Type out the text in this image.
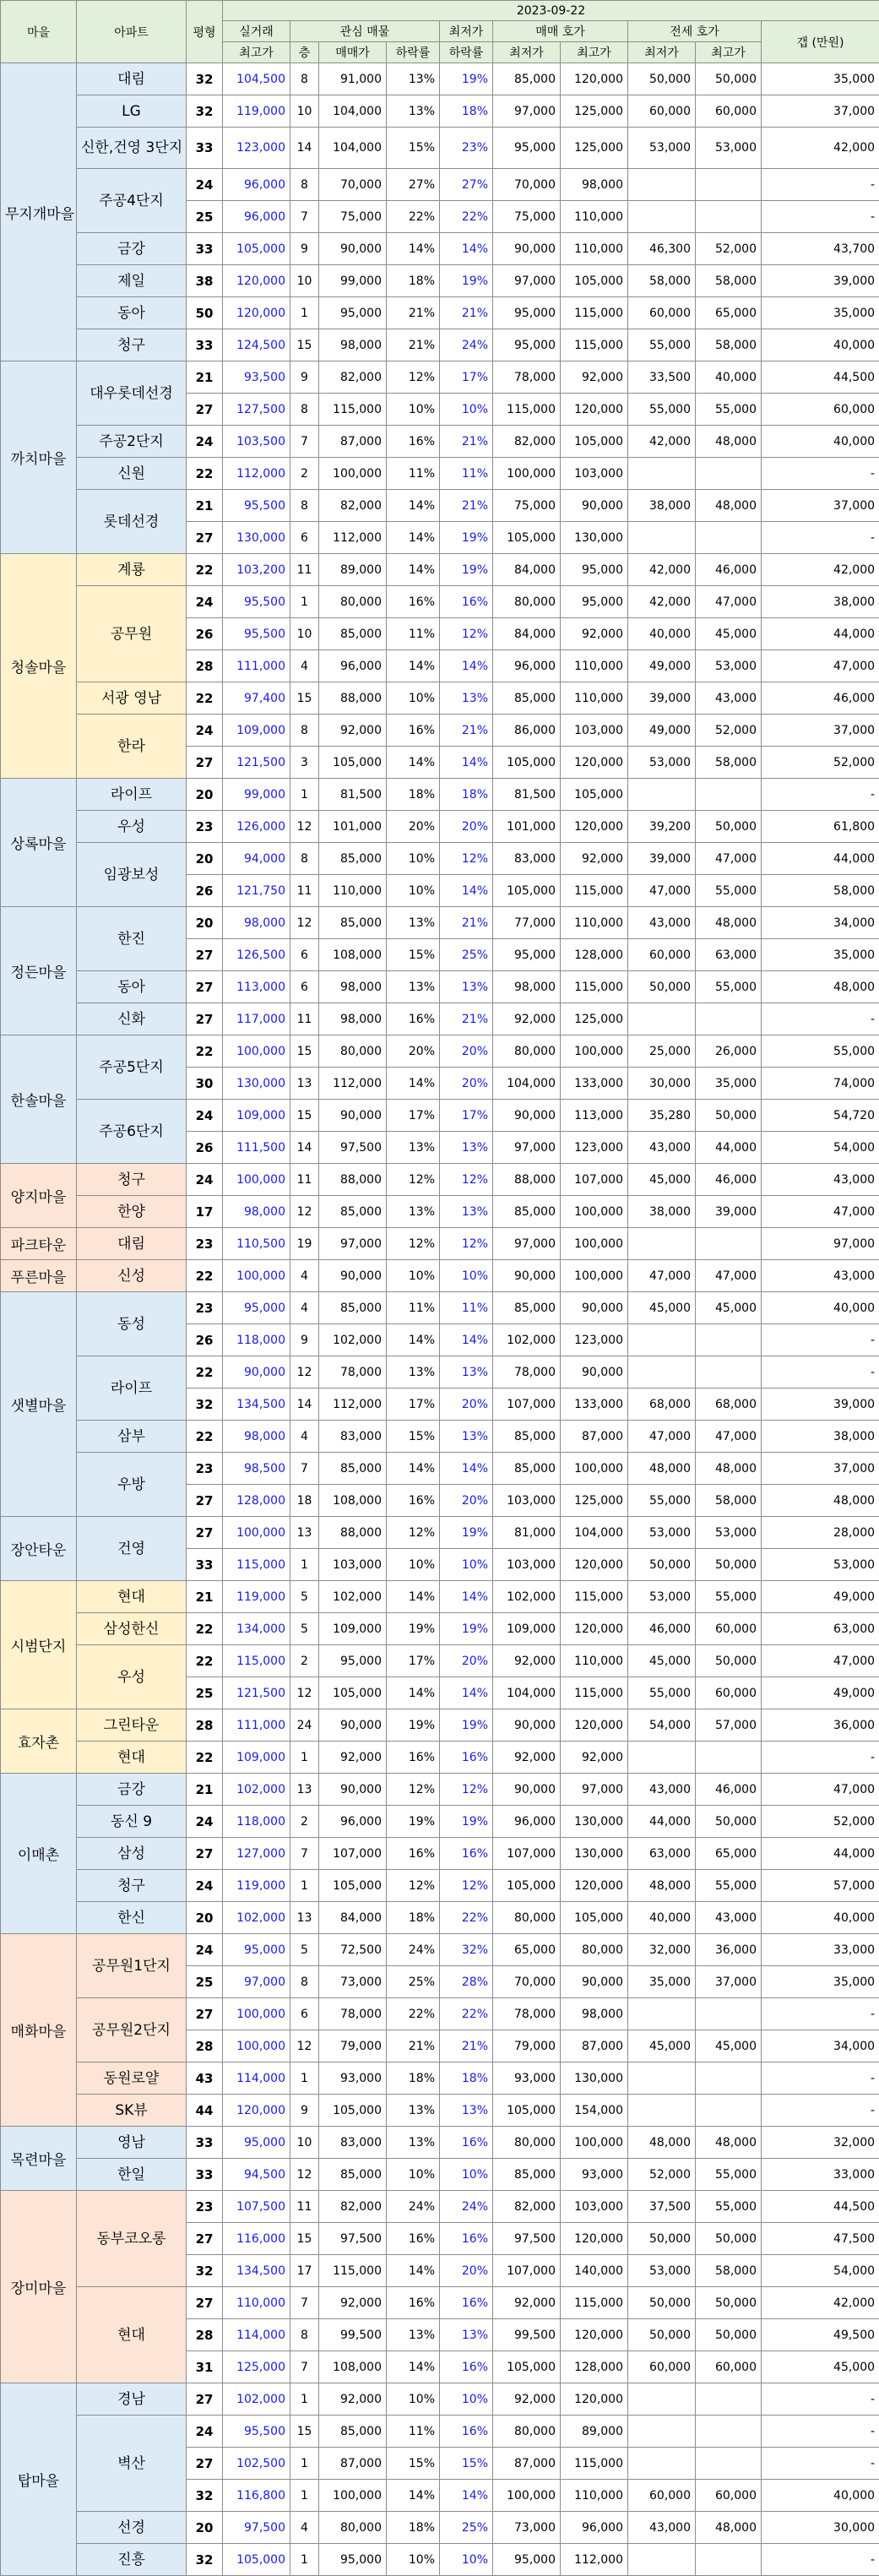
마을	아파트	평형	2023-09-22									
			실거래	관심 매물			최저가	매매 호가		전세 호가		갭 (만원)
			최고가	층	매매가	하락률	하락률	최저가	최고가	최저가	최고가	
무지개마을	대림	32	104,500	8	91,000	13%	19%	85,000	120,000	50,000	50,000	35,000
	LG	32	119,000	10	104,000	13%	18%	97,000	125,000	60,000	60,000	37,000
	신한,건영 3단지	33	123,000	14	104,000	15%	23%	95,000	125,000	53,000	53,000	42,000
	주공4단지	24	96,000	8	70,000	27%	27%	70,000	98,000			-
		25	96,000	7	75,000	22%	22%	75,000	110,000			-
	금강	33	105,000	9	90,000	14%	14%	90,000	110,000	46,300	52,000	43,700
	제일	38	120,000	10	99,000	18%	19%	97,000	105,000	58,000	58,000	39,000
	동아	50	120,000	1	95,000	21%	21%	95,000	115,000	60,000	65,000	35,000
	청구	33	124,500	15	98,000	21%	24%	95,000	115,000	55,000	58,000	40,000
까치마을	대우롯데선경	21	93,500	9	82,000	12%	17%	78,000	92,000	33,500	40,000	44,500
		27	127,500	8	115,000	10%	10%	115,000	120,000	55,000	55,000	60,000
	주공2단지	24	103,500	7	87,000	16%	21%	82,000	105,000	42,000	48,000	40,000
	신원	22	112,000	2	100,000	11%	11%	100,000	103,000			-
	롯데선경	21	95,500	8	82,000	14%	21%	75,000	90,000	38,000	48,000	37,000
		27	130,000	6	112,000	14%	19%	105,000	130,000			-
청솔마을	계룡	22	103,200	11	89,000	14%	19%	84,000	95,000	42,000	46,000	42,000
	공무원	24	95,500	1	80,000	16%	16%	80,000	95,000	42,000	47,000	38,000
		26	95,500	10	85,000	11%	12%	84,000	92,000	40,000	45,000	44,000
		28	111,000	4	96,000	14%	14%	96,000	110,000	49,000	53,000	47,000
	서광 영남	22	97,400	15	88,000	10%	13%	85,000	110,000	39,000	43,000	46,000
	한라	24	109,000	8	92,000	16%	21%	86,000	103,000	49,000	52,000	37,000
		27	121,500	3	105,000	14%	14%	105,000	120,000	53,000	58,000	52,000
상록마을	라이프	20	99,000	1	81,500	18%	18%	81,500	105,000			-
	우성	23	126,000	12	101,000	20%	20%	101,000	120,000	39,200	50,000	61,800
	임광보성	20	94,000	8	85,000	10%	12%	83,000	92,000	39,000	47,000	44,000
		26	121,750	11	110,000	10%	14%	105,000	115,000	47,000	55,000	58,000
정든마을	한진	20	98,000	12	85,000	13%	21%	77,000	110,000	43,000	48,000	34,000
		27	126,500	6	108,000	15%	25%	95,000	128,000	60,000	63,000	35,000
	동아	27	113,000	6	98,000	13%	13%	98,000	115,000	50,000	55,000	48,000
	신화	27	117,000	11	98,000	16%	21%	92,000	125,000			-
한솔마을	주공5단지	22	100,000	15	80,000	20%	20%	80,000	100,000	25,000	26,000	55,000
		30	130,000	13	112,000	14%	20%	104,000	133,000	30,000	35,000	74,000
	주공6단지	24	109,000	15	90,000	17%	17%	90,000	113,000	35,280	50,000	54,720
		26	111,500	14	97,500	13%	13%	97,000	123,000	43,000	44,000	54,000
양지마을	청구	24	100,000	11	88,000	12%	12%	88,000	107,000	45,000	46,000	43,000
	한양	17	98,000	12	85,000	13%	13%	85,000	100,000	38,000	39,000	47,000
파크타운	대림	23	110,500	19	97,000	12%	12%	97,000	100,000			97,000
푸른마을	신성	22	100,000	4	90,000	10%	10%	90,000	100,000	47,000	47,000	43,000
샛별마을	동성	23	95,000	4	85,000	11%	11%	85,000	90,000	45,000	45,000	40,000
		26	118,000	9	102,000	14%	14%	102,000	123,000			-
	라이프	22	90,000	12	78,000	13%	13%	78,000	90,000			-
		32	134,500	14	112,000	17%	20%	107,000	133,000	68,000	68,000	39,000
	삼부	22	98,000	4	83,000	15%	13%	85,000	87,000	47,000	47,000	38,000
	우방	23	98,500	7	85,000	14%	14%	85,000	100,000	48,000	48,000	37,000
		27	128,000	18	108,000	16%	20%	103,000	125,000	55,000	58,000	48,000
장안타운	건영	27	100,000	13	88,000	12%	19%	81,000	104,000	53,000	53,000	28,000
		33	115,000	1	103,000	10%	10%	103,000	120,000	50,000	50,000	53,000
시범단지	현대	21	119,000	5	102,000	14%	14%	102,000	115,000	53,000	55,000	49,000
	삼성한신	22	134,000	5	109,000	19%	19%	109,000	120,000	46,000	60,000	63,000
	우성	22	115,000	2	95,000	17%	20%	92,000	110,000	45,000	50,000	47,000
		25	121,500	12	105,000	14%	14%	104,000	115,000	55,000	60,000	49,000
효자촌	그린타운	28	111,000	24	90,000	19%	19%	90,000	120,000	54,000	57,000	36,000
	현대	22	109,000	1	92,000	16%	16%	92,000	92,000			-
이매촌	금강	21	102,000	13	90,000	12%	12%	90,000	97,000	43,000	46,000	47,000
	동신 9	24	118,000	2	96,000	19%	19%	96,000	130,000	44,000	50,000	52,000
	삼성	27	127,000	7	107,000	16%	16%	107,000	130,000	63,000	65,000	44,000
	청구	24	119,000	1	105,000	12%	12%	105,000	120,000	48,000	55,000	57,000
	한신	20	102,000	13	84,000	18%	22%	80,000	105,000	40,000	43,000	40,000
매화마을	공무원1단지	24	95,000	5	72,500	24%	32%	65,000	80,000	32,000	36,000	33,000
		25	97,000	8	73,000	25%	28%	70,000	90,000	35,000	37,000	35,000
	공무원2단지	27	100,000	6	78,000	22%	22%	78,000	98,000			-
		28	100,000	12	79,000	21%	21%	79,000	87,000	45,000	45,000	34,000
	동원로얄	43	114,000	1	93,000	18%	18%	93,000	130,000			-
	SK뷰	44	120,000	9	105,000	13%	13%	105,000	154,000			-
목련마을	영남	33	95,000	10	83,000	13%	16%	80,000	100,000	48,000	48,000	32,000
	한일	33	94,500	12	85,000	10%	10%	85,000	93,000	52,000	55,000	33,000
장미마을	동부코오롱	23	107,500	11	82,000	24%	24%	82,000	103,000	37,500	55,000	44,500
		27	116,000	15	97,500	16%	16%	97,500	120,000	50,000	50,000	47,500
		32	134,500	17	115,000	14%	20%	107,000	140,000	53,000	58,000	54,000
	현대	27	110,000	7	92,000	16%	16%	92,000	115,000	50,000	50,000	42,000
		28	114,000	8	99,500	13%	13%	99,500	120,000	50,000	50,000	49,500
		31	125,000	7	108,000	14%	16%	105,000	128,000	60,000	60,000	45,000
탑마을	경남	27	102,000	1	92,000	10%	10%	92,000	120,000			-
	벽산	24	95,500	15	85,000	11%	16%	80,000	89,000			-
		27	102,500	1	87,000	15%	15%	87,000	115,000			-
		32	116,800	1	100,000	14%	14%	100,000	110,000	60,000	60,000	40,000
	선경	20	97,500	4	80,000	18%	25%	73,000	96,000	43,000	48,000	30,000
	진흥	32	105,000	1	95,000	10%	10%	95,000	112,000			-
